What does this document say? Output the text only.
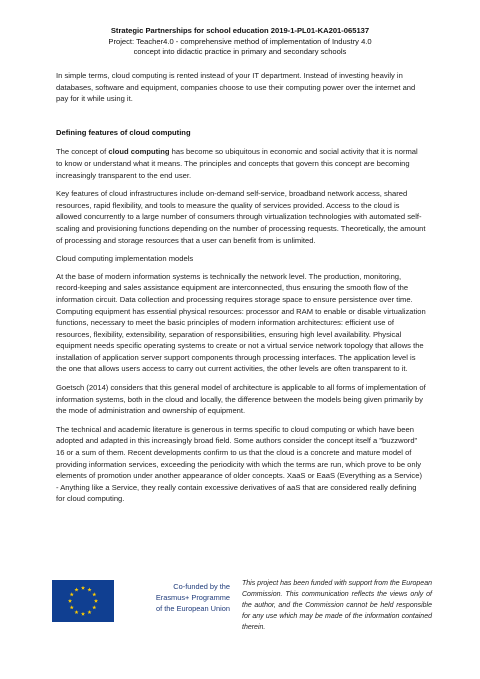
Strategic Partnerships for school education 2019-1-PL01-KA201-065137
Project: Teacher4.0 - comprehensive method of implementation of Industry 4.0
concept into didactic practice in primary and secondary schools

In simple terms, cloud computing is rented instead of your IT department. Instead of investing heavily in databases, software and equipment, companies choose to use their computing power over the internet and pay for it while using it.

Defining features of cloud computing

The concept of cloud computing has become so ubiquitous in economic and social activity that it is normal to know or understand what it means. The principles and concepts that govern this concept are becoming increasingly transparent to the end user.

Key features of cloud infrastructures include on-demand self-service, broadband network access, shared resources, rapid flexibility, and tools to measure the quality of services provided. Access to the cloud is allowed concurrently to a large number of consumers through virtualization technologies with automated self-scaling and provisioning functions depending on the number of processing requests. Theoretically, the amount of processing and storage resources that a user can benefit from is unlimited.

Cloud computing implementation models

At the base of modern information systems is technically the network level. The production, monitoring, record-keeping and sales assistance equipment are interconnected, thus ensuring the smooth flow of the information circuit. Data collection and processing requires storage space to ensure persistence over time. Computing equipment has essential physical resources: processor and RAM to enable or disable virtualization functions, necessary to meet the basic principles of modern information architectures: efficient use of resources, flexibility, extensibility, separation of responsibilities, ensuring high level availability. Physical equipment needs specific operating systems to create or not a virtual service network topology that allows the installation of application server support components through processing interfaces. The application level is the one that allows users access to carry out current activities, the other levels are often transparent to it.

Goetsch (2014) considers that this general model of architecture is applicable to all forms of implementation of information systems, both in the cloud and locally, the difference between the models being given primarily by the mode of administration and ownership of equipment.

The technical and academic literature is generous in terms specific to cloud computing or which have been adopted and adapted in this increasingly broad field. Some authors consider the concept itself a "buzzword" 16 or a sum of them. Recent developments confirm to us that the cloud is a concrete and mature model of providing information services, exceeding the periodicity with which the terms are run, which prove to be only elements of promotion under another appearance of older concepts. XaaS or EaaS (Everything as a Service) - Anything like a Service, they really contain excessive derivatives of aaS that are considered really defining for cloud computing.

Co-funded by the
Erasmus+ Programme
of the European Union
This project has been funded with support from the European Commission. This communication reflects the views only of the author, and the Commission cannot be held responsible for any use which may be made of the information contained therein.
